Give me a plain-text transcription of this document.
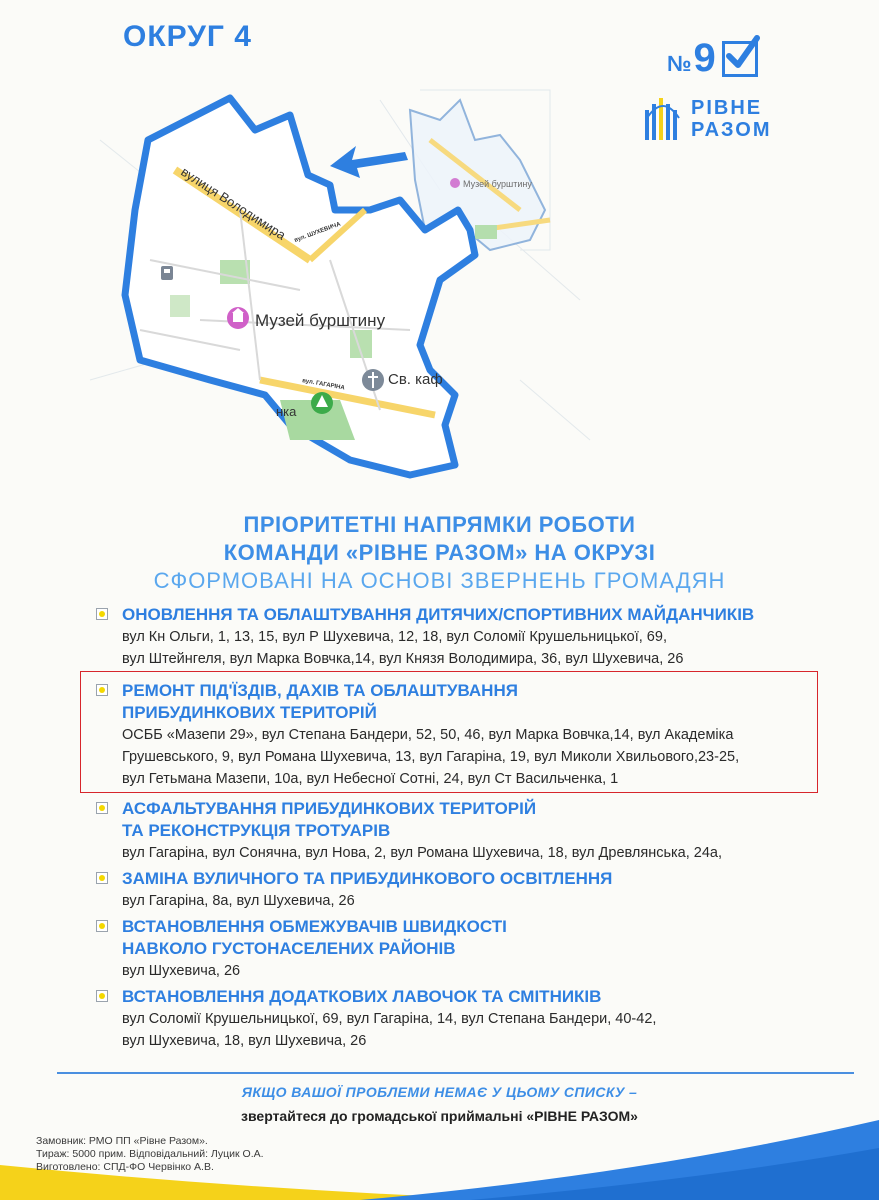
ОКРУГ 4
№ 9
РІВНЕ
РАЗОМ
Музей бурштину
вулиця Володимира вул. ШУХЕВИЧА
вул. ГАГАРІНА
Музей бурштину
Св. каф
нка
ПРІОРИТЕТНІ НАПРЯМКИ РОБОТИ
КОМАНДИ «РІВНЕ РАЗОМ» НА ОКРУЗІ
СФОРМОВАНІ НА ОСНОВІ ЗВЕРНЕНЬ ГРОМАДЯН
ОНОВЛЕННЯ ТА ОБЛАШТУВАННЯ ДИТЯЧИХ/СПОРТИВНИХ МАЙДАНЧИКІВ
вул Кн Ольги, 1, 13, 15, вул Р Шухевича, 12, 18, вул Соломії Крушельницької, 69,
вул Штейнгеля, вул Марка Вовчка,14, вул Князя Володимира, 36, вул Шухевича, 26
РЕМОНТ ПІД'ЇЗДІВ, ДАХІВ ТА ОБЛАШТУВАННЯ
ПРИБУДИНКОВИХ ТЕРИТОРІЙ
ОСББ «Мазепи 29», вул Степана Бандери, 52, 50, 46, вул Марка Вовчка,14, вул Академіка
Грушевського, 9, вул Романа Шухевича, 13, вул Гагаріна, 19, вул Миколи Хвильового,23-25,
вул Гетьмана Мазепи, 10а, вул Небесної Сотні, 24, вул Ст Васильченка, 1
АСФАЛЬТУВАННЯ ПРИБУДИНКОВИХ ТЕРИТОРІЙ
ТА РЕКОНСТРУКЦІЯ ТРОТУАРІВ
вул Гагаріна, вул Сонячна, вул Нова, 2, вул Романа Шухевича, 18, вул Древлянська, 24а,
ЗАМІНА ВУЛИЧНОГО ТА ПРИБУДИНКОВОГО ОСВІТЛЕННЯ
вул Гагаріна, 8а, вул Шухевича, 26
ВСТАНОВЛЕННЯ ОБМЕЖУВАЧІВ ШВИДКОСТІ
НАВКОЛО ГУСТОНАСЕЛЕНИХ РАЙОНІВ
вул Шухевича, 26
ВСТАНОВЛЕННЯ ДОДАТКОВИХ ЛАВОЧОК ТА СМІТНИКІВ
вул Соломії Крушельницької, 69, вул Гагаріна, 14, вул Степана Бандери, 40-42,
вул Шухевича, 18, вул Шухевича, 26
ЯКЩО ВАШОЇ ПРОБЛЕМИ НЕМАЄ У ЦЬОМУ СПИСКУ –
звертайтеся до громадської приймальні «РІВНЕ РАЗОМ»
Замовник: РМО ПП «Рівне Разом».
Тираж: 5000 прим. Відповідальний: Луцик О.А.
Виготовлено: СПД-ФО Червінко А.В.
